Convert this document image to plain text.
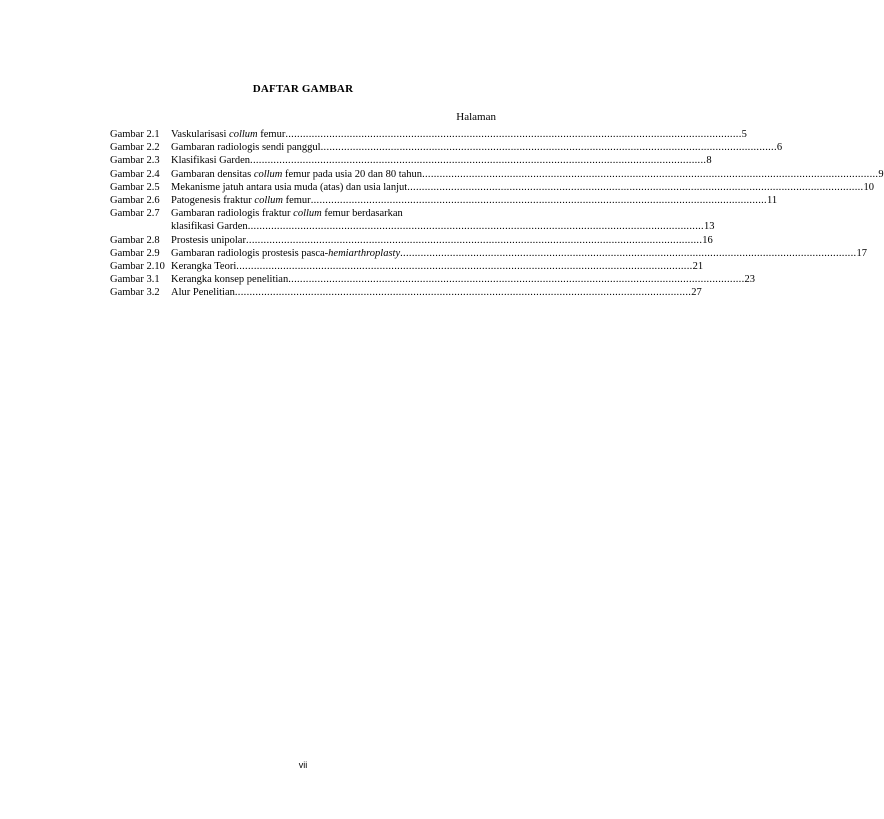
DAFTAR GAMBAR
Halaman
Gambar 2.1	Vaskularisasi collum femur .....	5
Gambar 2.2	Gambaran radiologis sendi panggul .....	6
Gambar 2.3	Klasifikasi Garden .....	8
Gambar 2.4	Gambaran densitas collum femur pada usia 20 dan 80 tahun .....	9
Gambar 2.5	Mekanisme jatuh antara usia muda (atas) dan usia lanjut .....	10
Gambar 2.6	Patogenesis fraktur collum femur .....	11
Gambar 2.7	Gambaran radiologis fraktur collum femur berdasarkan
klasifikasi Garden .....	13
Gambar 2.8	Prostesis unipolar .....	16
Gambar 2.9	Gambaran radiologis prostesis pasca-hemiarthroplasty .....	17
Gambar 2.10 Kerangka Teori .....	21
Gambar 3.1	Kerangka konsep penelitian .....	23
Gambar 3.2	Alur Penelitian .....	27
vii
